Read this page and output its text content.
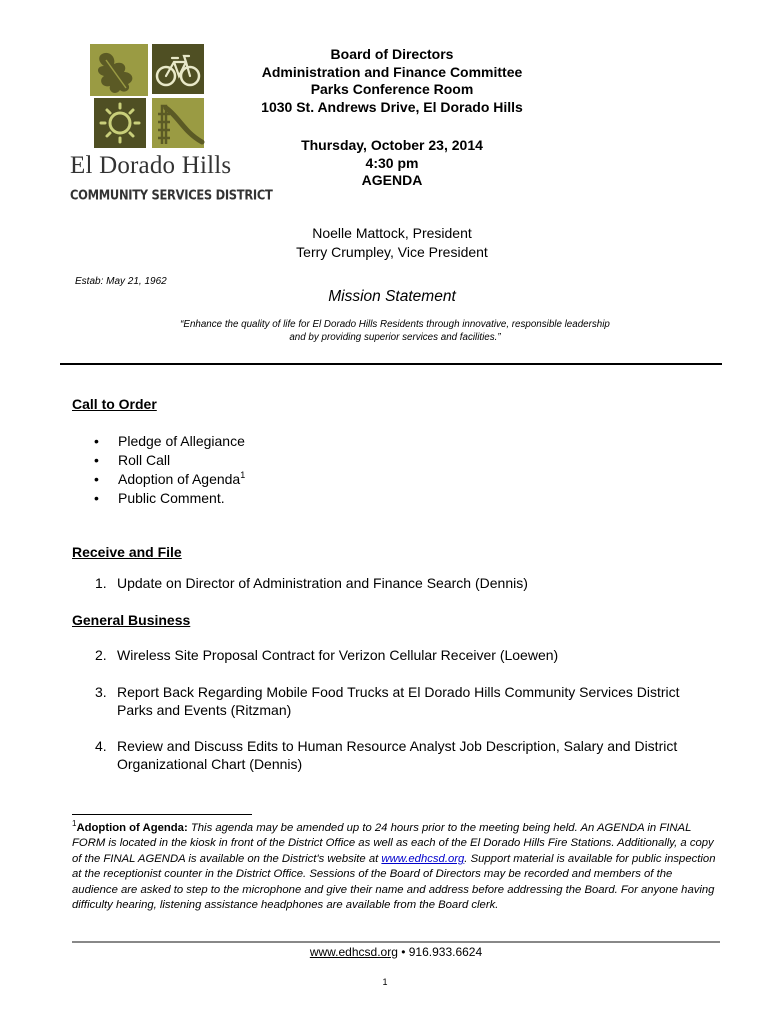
El Dorado Hills
COMMUNITY SERVICES DISTRICT
Board of Directors
Administration and Finance Committee
Parks Conference Room
1030 St. Andrews Drive, El Dorado Hills
Thursday, October 23, 2014
4:30 pm
AGENDA
Noelle Mattock, President
Terry Crumpley, Vice President
Estab: May 21, 1962
Mission Statement
“Enhance the quality of life for El Dorado Hills Residents through innovative, responsible leadership
and by providing superior services and facilities.”
Call to Order
• Pledge of Allegiance
• Roll Call
• Adoption of Agenda$^1$
• Public Comment.
Receive and File
1. Update on Director of Administration and Finance Search (Dennis)
General Business
2. Wireless Site Proposal Contract for Verizon Cellular Receiver (Loewen)
3. Report Back Regarding Mobile Food Trucks at El Dorado Hills Community Services District Parks and Events (Ritzman)
4. Review and Discuss Edits to Human Resource Analyst Job Description, Salary and District Organizational Chart (Dennis)
$^1$Adoption of Agenda: This agenda may be amended up to 24 hours prior to the meeting being held. An AGENDA in FINAL FORM is located in the kiosk in front of the District Office as well as each of the El Dorado Hills Fire Stations. Additionally, a copy of the FINAL AGENDA is available on the District's website at www.edhcsd.org. Support material is available for public inspection at the receptionist counter in the District Office. Sessions of the Board of Directors may be recorded and members of the audience are asked to step to the microphone and give their name and address before addressing the Board. For anyone having difficulty hearing, listening assistance headphones are available from the Board clerk.
www.edhcsd.org • 916.933.6624
1
